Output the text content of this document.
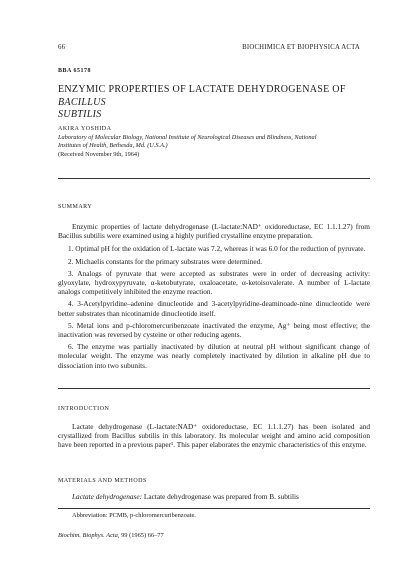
66	BIOCHIMICA ET BIOPHYSICA ACTA
BBA 65178
ENZYMIC PROPERTIES OF LACTATE DEHYDROGENASE OF BACILLUS
SUBTILIS
AKIRA YOSHIDA
Laboratory of Molecular Biology, National Institute of Neurological Diseases and Blindness, National
Institutes of Health, Bethesda, Md. (U.S.A.)
(Received November 9th, 1964)
SUMMARY

Enzymic properties of lactate dehydrogenase (L-lactate:NAD⁺ oxidoreductase, EC 1.1.1.27) from Bacillus subtilis were examined using a highly purified crystalline enzyme preparation.

1. Optimal pH for the oxidation of L-lactate was 7.2, whereas it was 6.0 for the reduction of pyruvate.

2. Michaelis constants for the primary substrates were determined.

3. Analogs of pyruvate that were accepted as substrates were in order of decreasing activity: glyoxylate, hydroxypyruvate, α-ketobutyrate, oxaloacetate, α-ketoisovalerate. A number of L-lactate analogs competitively inhibited the enzyme reaction.

4. 3-Acetylpyridine–adenine dinucleotide and 3-acetylpyridine-deaminoade-nine dinucleotide were better substrates than nicotinamide dinucleotide itself.

5. Metal ions and p-chloromercuribenzoate inactivated the enzyme, Ag⁺ being most effective; the inactivation was reversed by cysteine or other reducing agents.

6. The enzyme was partially inactivated by dilution at neutral pH without significant change of molecular weight. The enzyme was nearly completely inactivated by dilution in alkaline pH due to dissociation into two subunits.

INTRODUCTION

Lactate dehydrogenase (L-lactate:NAD⁺ oxidoreductase, EC 1.1.1.27) has been isolated and crystallized from Bacillus subtilis in this laboratory. Its molecular weight and amino acid composition have been reported in a previous paper¹. This paper elaborates the enzymic characteristics of this enzyme.

MATERIALS AND METHODS

Lactate dehydrogenase: Lactate dehydrogenase was prepared from B. subtilis

Abbreviation: PCMB, p-chloromercuribenzoate.
Biochim. Biophys. Acta, 99 (1965) 66–77
